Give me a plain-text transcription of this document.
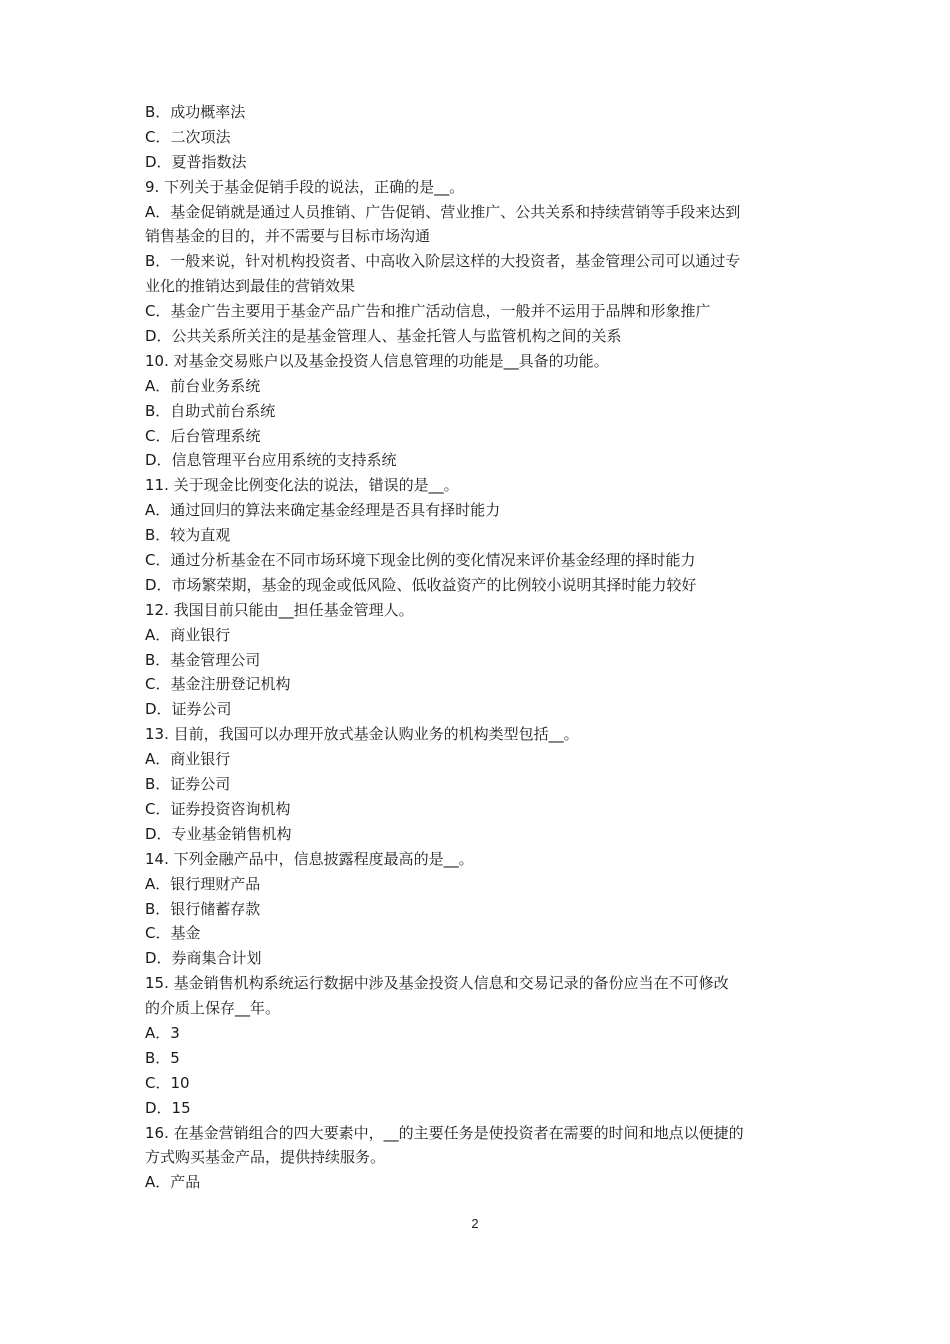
B．成功概率法
C．二次项法
D．夏普指数法
9. 下列关于基金促销手段的说法，正确的是__。
A．基金促销就是通过人员推销、广告促销、营业推广、公共关系和持续营销等手段来达到
销售基金的目的，并不需要与目标市场沟通
B．一般来说，针对机构投资者、中高收入阶层这样的大投资者，基金管理公司可以通过专
业化的推销达到最佳的营销效果
C．基金广告主要用于基金产品广告和推广活动信息，一般并不运用于品牌和形象推广
D．公共关系所关注的是基金管理人、基金托管人与监管机构之间的关系
10. 对基金交易账户以及基金投资人信息管理的功能是__具备的功能。
A．前台业务系统
B．自助式前台系统
C．后台管理系统
D．信息管理平台应用系统的支持系统
11. 关于现金比例变化法的说法，错误的是__。
A．通过回归的算法来确定基金经理是否具有择时能力
B．较为直观
C．通过分析基金在不同市场环境下现金比例的变化情况来评价基金经理的择时能力
D．市场繁荣期，基金的现金或低风险、低收益资产的比例较小说明其择时能力较好
12. 我国目前只能由__担任基金管理人。
A．商业银行
B．基金管理公司
C．基金注册登记机构
D．证券公司
13. 目前，我国可以办理开放式基金认购业务的机构类型包括__。
A．商业银行
B．证券公司
C．证券投资咨询机构
D．专业基金销售机构
14. 下列金融产品中，信息披露程度最高的是__。
A．银行理财产品
B．银行储蓄存款
C．基金
D．券商集合计划
15. 基金销售机构系统运行数据中涉及基金投资人信息和交易记录的备份应当在不可修改
的介质上保存__年。
A．3
B．5
C．10
D．15
16. 在基金营销组合的四大要素中，__的主要任务是使投资者在需要的时间和地点以便捷的
方式购买基金产品，提供持续服务。
A．产品
2
